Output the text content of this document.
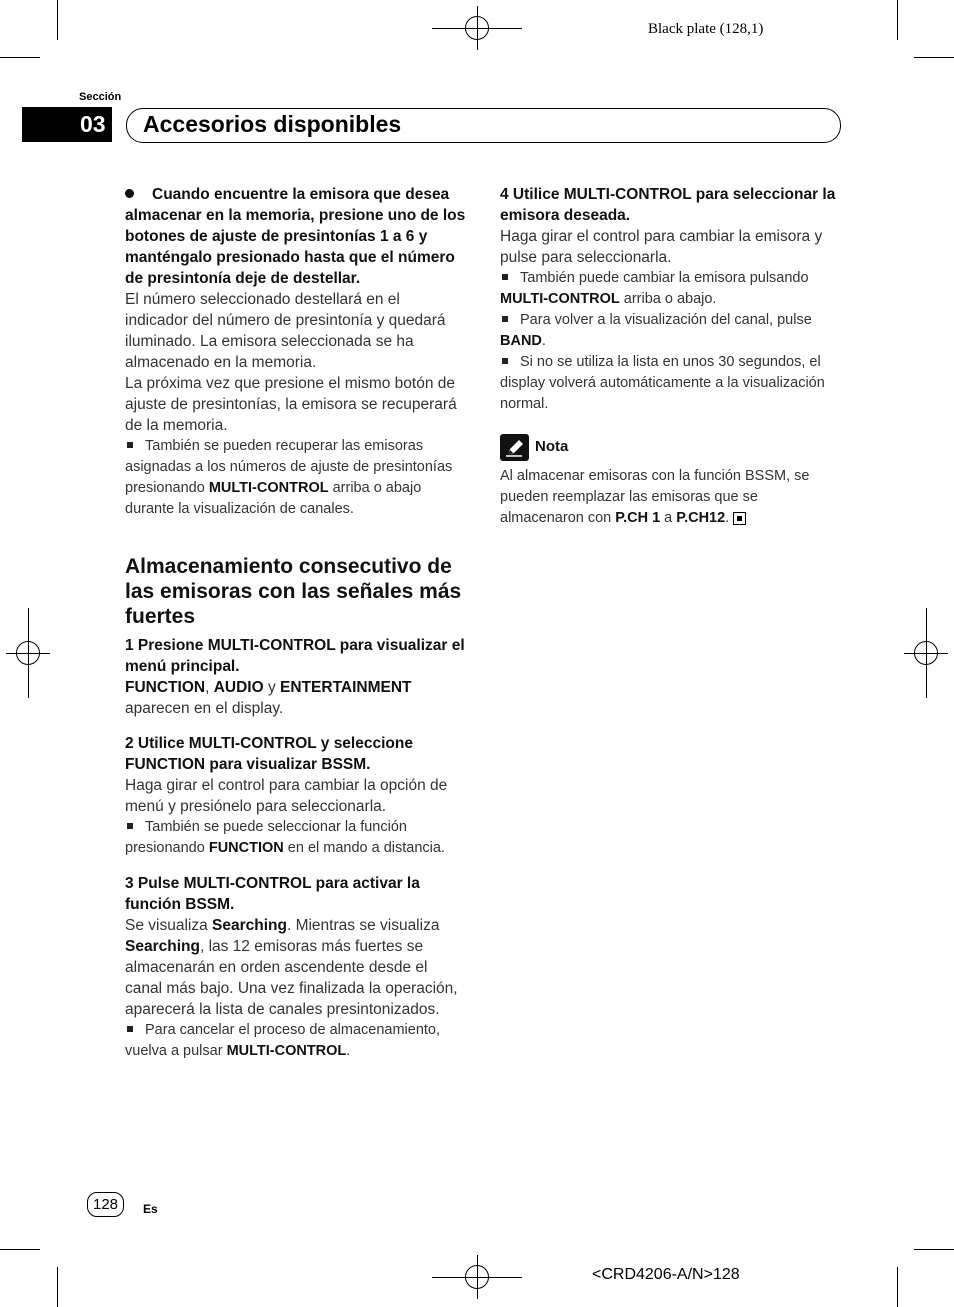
Black plate (128,1)
Sección
03 Accesorios disponibles

Cuando encuentre la emisora que desea almacenar en la memoria, presione uno de los botones de ajuste de presintonías 1 a 6 y manténgalo presionado hasta que el número de presintonía deje de destellar.

El número seleccionado destellará en el indicador del número de presintonía y quedará iluminado. La emisora seleccionada se ha almacenado en la memoria.

La próxima vez que presione el mismo botón de ajuste de presintonías, la emisora se recuperará de la memoria.

También se pueden recuperar las emisoras asignadas a los números de ajuste de presintonías presionando MULTI-CONTROL arriba o abajo durante la visualización de canales.

Almacenamiento consecutivo de las emisoras con las señales más fuertes

1 Presione MULTI-CONTROL para visualizar el menú principal.

FUNCTION, AUDIO y ENTERTAINMENT aparecen en el display.

2 Utilice MULTI-CONTROL y seleccione FUNCTION para visualizar BSSM.

Haga girar el control para cambiar la opción de menú y presiónelo para seleccionarla.

También se puede seleccionar la función presionando FUNCTION en el mando a distancia.

3 Pulse MULTI-CONTROL para activar la función BSSM.

Se visualiza Searching. Mientras se visualiza Searching, las 12 emisoras más fuertes se almacenarán en orden ascendente desde el canal más bajo. Una vez finalizada la operación, aparecerá la lista de canales presintonizados.

Para cancelar el proceso de almacenamiento, vuelva a pulsar MULTI-CONTROL.

4 Utilice MULTI-CONTROL para seleccionar la emisora deseada.

Haga girar el control para cambiar la emisora y pulse para seleccionarla.

También puede cambiar la emisora pulsando MULTI-CONTROL arriba o abajo.

Para volver a la visualización del canal, pulse BAND.

Si no se utiliza la lista en unos 30 segundos, el display volverá automáticamente a la visualización normal.

Nota

Al almacenar emisoras con la función BSSM, se pueden reemplazar las emisoras que se almacenaron con P.CH 1 a P.CH12.

128	Es
<CRD4206-A/N>128
